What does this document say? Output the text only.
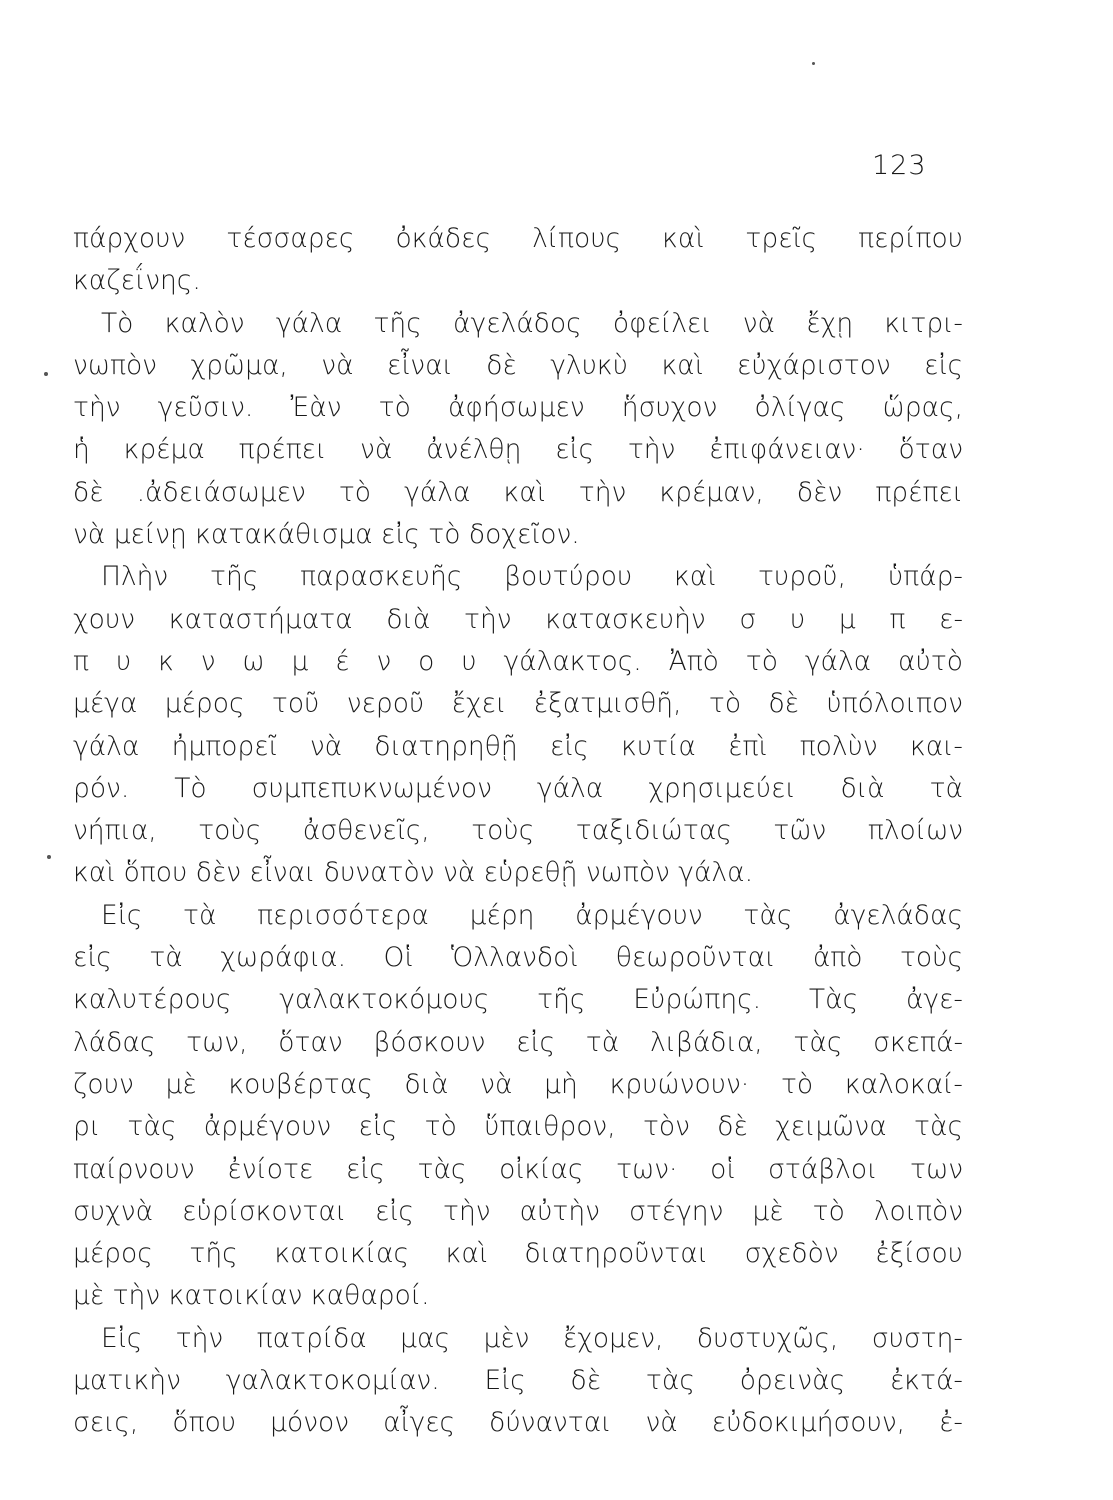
123
πάρχουν τέσσαρες ὀκάδες λίπους καὶ τρεῖς περίπου
καζεΐνης.
Τὸ καλὸν γάλα τῆς ἀγελάδος ὀφείλει νὰ ἔχῃ κιτρι-
νωπὸν χρῶμα, νὰ εἶναι δὲ γλυκὺ καὶ εὐχάριστον εἰς
τὴν γεῦσιν. Ἐὰν τὸ ἀφήσωμεν ἥσυχον ὀλίγας ὥρας,
ἡ κρέμα πρέπει νὰ ἀνέλθῃ εἰς τὴν ἐπιφάνειαν· ὅταν
δὲ .ἀδειάσωμεν τὸ γάλα καὶ τὴν κρέμαν, δὲν πρέπει
νὰ μείνῃ κατακάθισμα εἰς τὸ δοχεῖον.
Πλὴν τῆς παρασκευῆς βουτύρου καὶ τυροῦ, ὑπάρ-
χουν καταστήματα διὰ τὴν κατασκευὴν σ υ μ π ε-
π υ κ ν ω μ έ ν ο υ γάλακτος. Ἀπὸ τὸ γάλα αὐτὸ
μέγα μέρος τοῦ νεροῦ ἔχει ἐξατμισθῆ, τὸ δὲ ὑπόλοιπον
γάλα ἠμπορεῖ νὰ διατηρηθῇ εἰς κυτία ἐπὶ πολὺν και-
ρόν. Τὸ συμπεπυκνωμένον γάλα χρησιμεύει διὰ τὰ
νήπια, τοὺς ἀσθενεῖς, τοὺς ταξιδιώτας τῶν πλοίων
καὶ ὅπου δὲν εἶναι δυνατὸν νὰ εὑρεθῇ νωπὸν γάλα.
Εἰς τὰ περισσότερα μέρη ἀρμέγουν τὰς ἀγελάδας
εἰς τὰ χωράφια. Οἱ Ὁλλανδοὶ θεωροῦνται ἀπὸ τοὺς
καλυτέρους γαλακτοκόμους τῆς Εὐρώπης. Τὰς ἀγε-
λάδας των, ὅταν βόσκουν εἰς τὰ λιβάδια, τὰς σκεπά-
ζουν μὲ κουβέρτας διὰ νὰ μὴ κρυώνουν· τὸ καλοκαί-
ρι τὰς ἀρμέγουν εἰς τὸ ὕπαιθρον, τὸν δὲ χειμῶνα τὰς
παίρνουν ἐνίοτε εἰς τὰς οἰκίας των· οἱ στάβλοι των
συχνὰ εὑρίσκονται εἰς τὴν αὐτὴν στέγην μὲ τὸ λοιπὸν
μέρος τῆς κατοικίας καὶ διατηροῦνται σχεδὸν ἐξίσου
μὲ τὴν κατοικίαν καθαροί.
Εἰς τὴν πατρίδα μας μὲν ἔχομεν, δυστυχῶς, συστη-
ματικὴν γαλακτοκομίαν. Εἰς δὲ τὰς ὀρεινὰς ἐκτά-
σεις, ὅπου μόνον αἶγες δύνανται νὰ εὐδοκιμήσουν, ἐ-
